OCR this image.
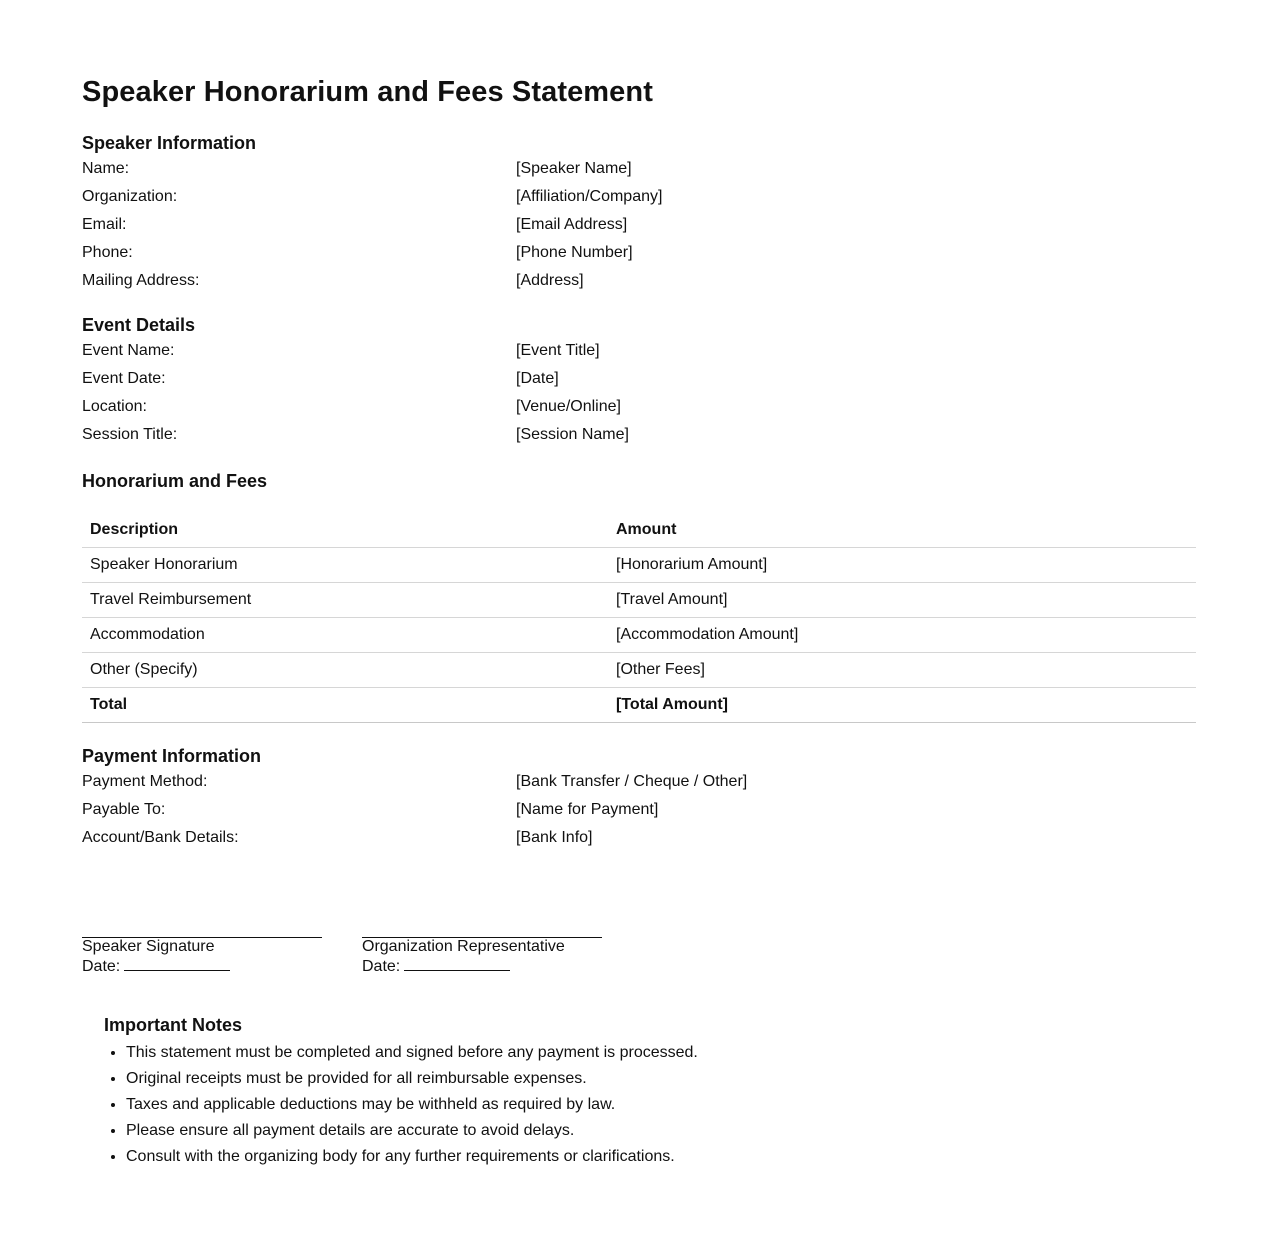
Speaker Honorarium and Fees Statement
Speaker Information
Name:	[Speaker Name]
Organization:	[Affiliation/Company]
Email:	[Email Address]
Phone:	[Phone Number]
Mailing Address:	[Address]
Event Details
Event Name:	[Event Title]
Event Date:	[Date]
Location:	[Venue/Online]
Session Title:	[Session Name]
Honorarium and Fees
Description	Amount
Speaker Honorarium	[Honorarium Amount]
Travel Reimbursement	[Travel Amount]
Accommodation	[Accommodation Amount]
Other (Specify)	[Other Fees]
Total	[Total Amount]
Payment Information
Payment Method:	[Bank Transfer / Cheque / Other]
Payable To:	[Name for Payment]
Account/Bank Details:	[Bank Info]
Speaker Signature
Date:
Organization Representative
Date:
Important Notes
• This statement must be completed and signed before any payment is processed.
• Original receipts must be provided for all reimbursable expenses.
• Taxes and applicable deductions may be withheld as required by law.
• Please ensure all payment details are accurate to avoid delays.
• Consult with the organizing body for any further requirements or clarifications.
